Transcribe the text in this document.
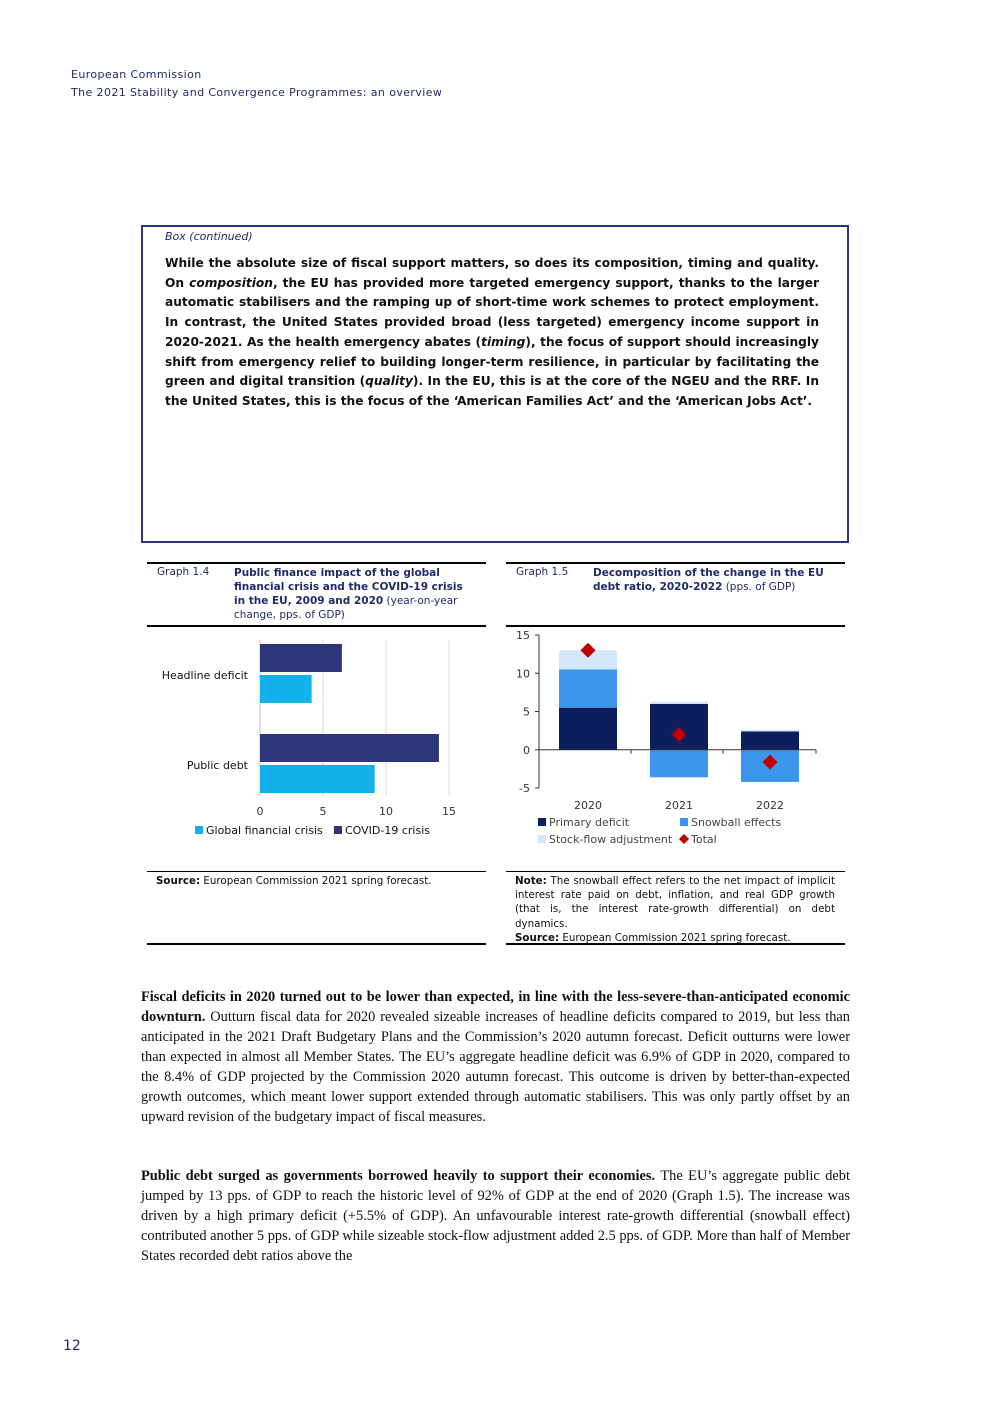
European Commission
The 2021 Stability and Convergence Programmes: an overview
Box (continued)
While the absolute size of fiscal support matters, so does its composition, timing and quality. On composition, the EU has provided more targeted emergency support, thanks to the larger automatic stabilisers and the ramping up of short-time work schemes to protect employment. In contrast, the United States provided broad (less targeted) emergency income support in 2020-2021. As the health emergency abates (timing), the focus of support should increasingly shift from emergency relief to building longer-term resilience, in particular by facilitating the green and digital transition (quality). In the EU, this is at the core of the NGEU and the RRF. In the United States, this is the focus of the ‘American Families Act’ and the ‘American Jobs Act’.
Graph 1.4 Public finance impact of the global financial crisis and the COVID-19 crisis in the EU, 2009 and 2020 (year-on-year change, pps. of GDP)
Graph 1.5 Decomposition of the change in the EU debt ratio, 2020-2022 (pps. of GDP)
0	5	10	15
Headline deficit
Public debt
Global financial crisis COVID-19 crisis
15
10
5
0
-5
2020	2021	2022
Primary deficit	Snowball effects
Stock-flow adjustment Total
Source: European Commission 2021 spring forecast.	Note: The snowball effect refers to the net impact of implicit interest rate paid on debt, inflation, and real GDP growth (that is, the interest rate-growth differential) on debt dynamics.
Source: European Commission 2021 spring forecast.
Fiscal deficits in 2020 turned out to be lower than expected, in line with the less-severe-than-anticipated economic downturn. Outturn fiscal data for 2020 revealed sizeable increases of headline deficits compared to 2019, but less than anticipated in the 2021 Draft Budgetary Plans and the Commission’s 2020 autumn forecast. Deficit outturns were lower than expected in almost all Member States. The EU’s aggregate headline deficit was 6.9% of GDP in 2020, compared to the 8.4% of GDP projected by the Commission 2020 autumn forecast. This outcome is driven by better-than-expected growth outcomes, which meant lower support extended through automatic stabilisers. This was only partly offset by an upward revision of the budgetary impact of fiscal measures.
Public debt surged as governments borrowed heavily to support their economies. The EU’s aggregate public debt jumped by 13 pps. of GDP to reach the historic level of 92% of GDP at the end of 2020 (Graph 1.5). The increase was driven by a high primary deficit (+5.5% of GDP). An unfavourable interest rate-growth differential (snowball effect) contributed another 5 pps. of GDP while sizeable stock-flow adjustment added 2.5 pps. of GDP. More than half of Member States recorded debt ratios above the
12
